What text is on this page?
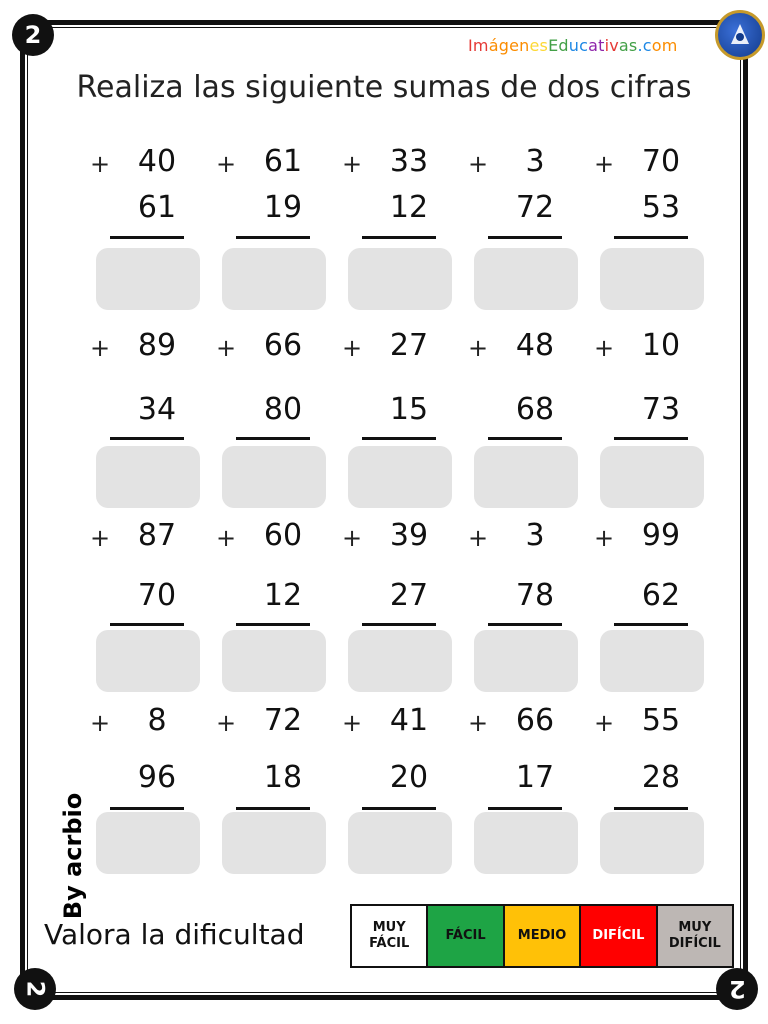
2
2	2
ImágenesEducativas.com
Realiza las siguiente sumas de dos cifras
+ 40
61
+ 61
19
+ 33
12
+	3
72
+ 70
53
+ 89
34
+ 66
80
+ 27
15
+ 48
68
+ 10
73
+ 87
70
+ 60
12
+ 39
27
+	3
78
+ 99
62
+	8
96
+ 72
18
+ 41
20
+ 66
17
+ 55
28
By acrbio
Valora la dificultad	MUY FÁCIL
FÁCIL	MEDIO	DIFÍCIL
MUY DIFÍCIL
